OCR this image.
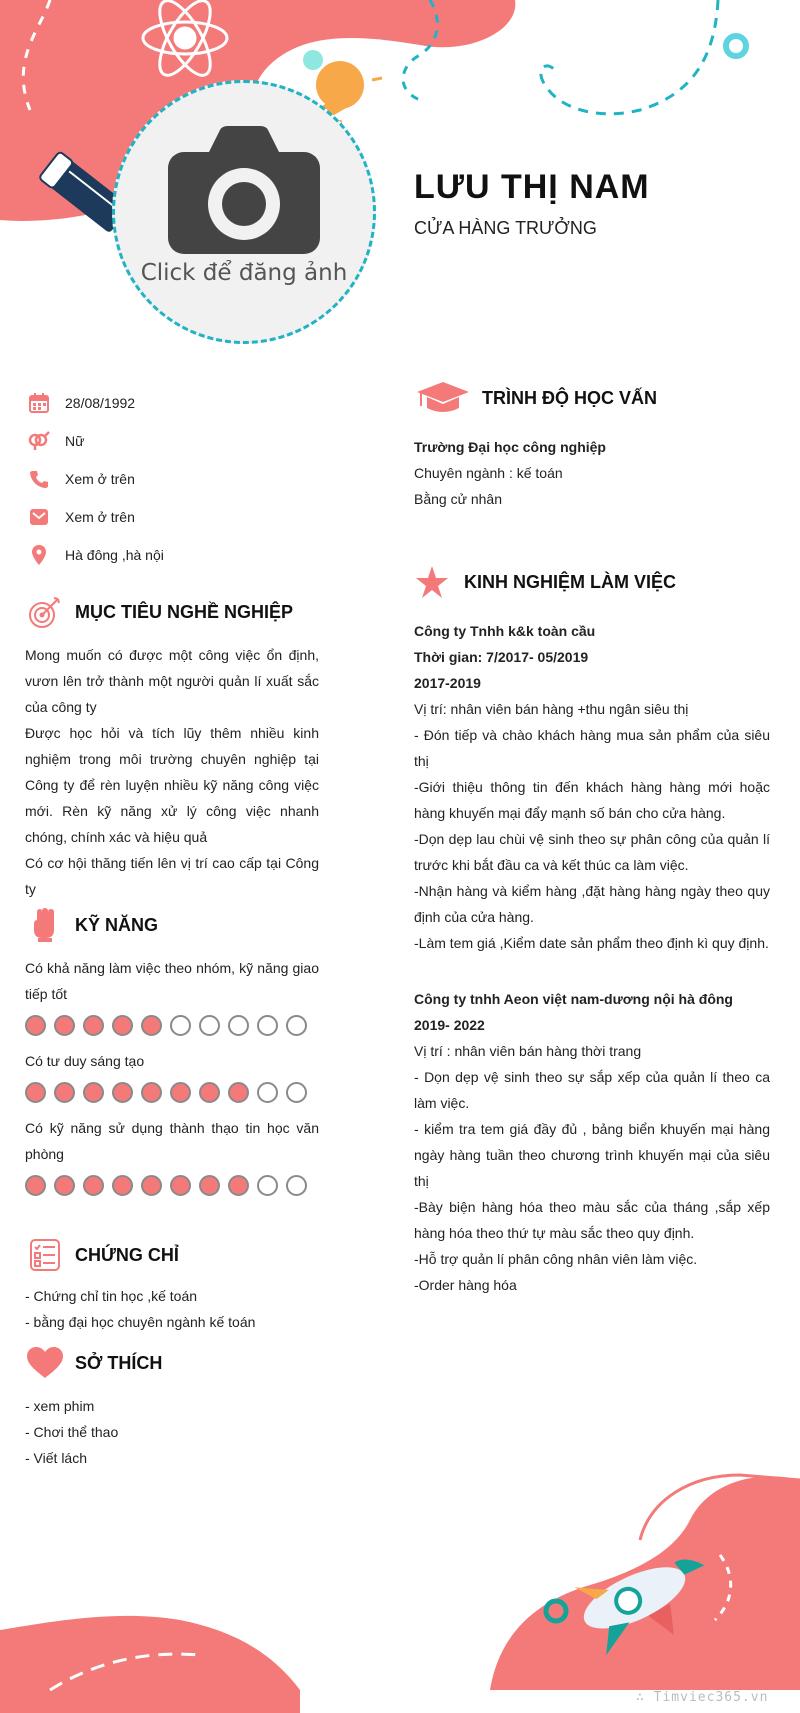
Click để đăng ảnh
LƯU THỊ NAM
CỬA HÀNG TRƯỞNG
28/08/1992
Nữ
Xem ở trên
Xem ở trên
Hà đông ,hà nội
MỤC TIÊU NGHỀ NGHIỆP

Mong muốn có được một công việc ổn định, vươn lên trở thành một người quản lí xuất sắc của công ty

Được học hỏi và tích lũy thêm nhiều kinh nghiệm trong môi trường chuyên nghiệp tại Công ty để rèn luyện nhiều kỹ năng công việc mới. Rèn kỹ năng xử lý công việc nhanh chóng, chính xác và hiệu quả

Có cơ hội thăng tiến lên vị trí cao cấp tại Công ty

KỸ NĂNG
Có khả năng làm việc theo nhóm, kỹ năng giao tiếp tốt
Có tư duy sáng tạo
Có kỹ năng sử dụng thành thạo tin học văn phòng
CHỨNG CHỈ
- Chứng chỉ tin học ,kế toán
- bằng đại học chuyên ngành kế toán
SỞ THÍCH
- xem phim
- Chơi thể thao
- Viết lách
TRÌNH ĐỘ HỌC VẤN
Trường Đại học công nghiệp
Chuyên ngành : kế toán
Bằng cử nhân
KINH NGHIỆM LÀM VIỆC
Công ty Tnhh k&k toàn cầu
Thời gian: 7/2017- 05/2019
2017-2019
Vị trí: nhân viên bán hàng +thu ngân siêu thị
- Đón tiếp và chào khách hàng mua sản phẩm của siêu thị
-Giới thiệu thông tin đến khách hàng hàng mới hoặc hàng khuyến mại đẩy mạnh số bán cho cửa hàng.
-Dọn dẹp lau chùi vệ sinh theo sự phân công của quản lí trước khi bắt đầu ca và kết thúc ca làm việc.
-Nhận hàng và kiểm hàng ,đặt hàng hàng ngày theo quy định của cửa hàng.
-Làm tem giá ,Kiểm date sản phẩm theo định kì quy định.
Công ty tnhh Aeon việt nam-dương nội hà đông
2019- 2022
Vị trí : nhân viên bán hàng thời trang
- Dọn dẹp vệ sinh theo sự sắp xếp của quản lí theo ca làm việc.
- kiểm tra tem giá đầy đủ , bảng biển khuyến mại hàng ngày hàng tuần theo chương trình khuyến mại của siêu thị
-Bày biện hàng hóa theo màu sắc của tháng ,sắp xếp hàng hóa theo thứ tự màu sắc theo quy định.
-Hỗ trợ quản lí phân công nhân viên làm việc.
-Order hàng hóa
∴ Timviec365.vn
